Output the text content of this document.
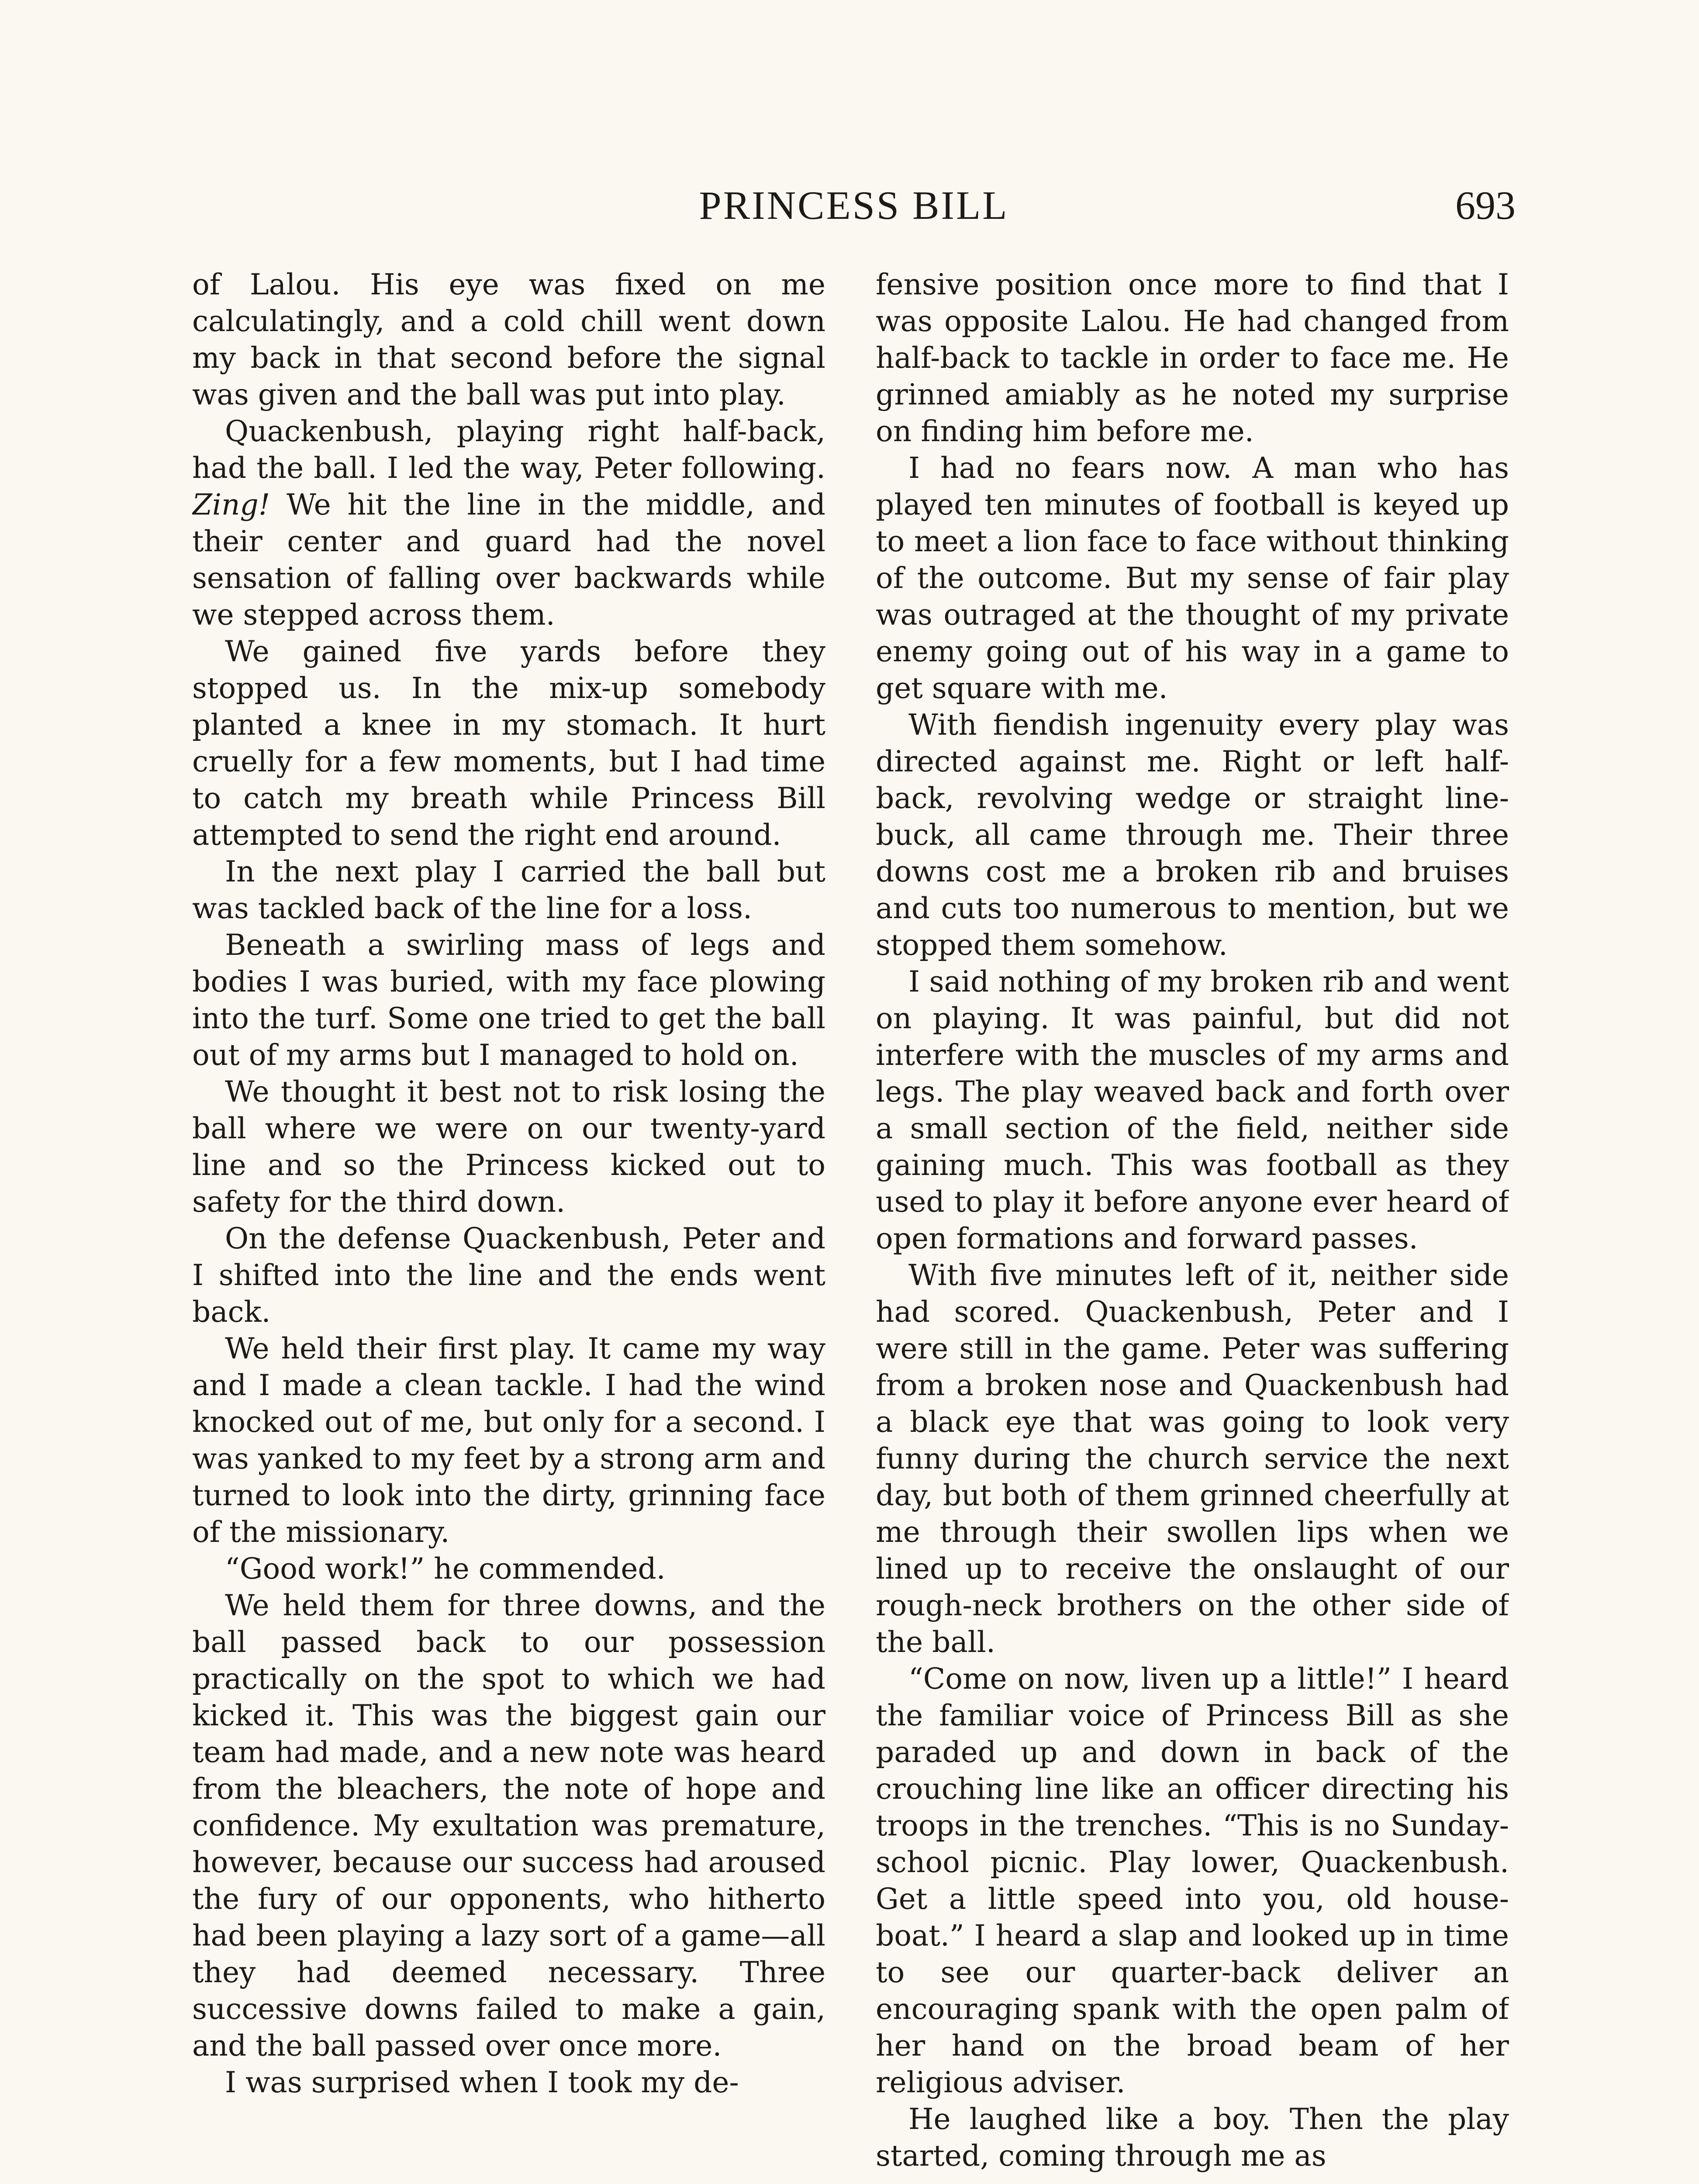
PRINCESS BILL	693

of Lalou. His eye was fixed on me calculatingly, and a cold chill went down my back in that second before the signal was given and the ball was put into play.

Quackenbush, playing right half-back, had the ball. I led the way, Peter following. Zing! We hit the line in the middle, and their center and guard had the novel sensation of falling over backwards while we stepped across them.

We gained five yards before they stopped us. In the mix-up somebody planted a knee in my stomach. It hurt cruelly for a few moments, but I had time to catch my breath while Princess Bill attempted to send the right end around.

In the next play I carried the ball but was tackled back of the line for a loss.

Beneath a swirling mass of legs and bodies I was buried, with my face plowing into the turf. Some one tried to get the ball out of my arms but I managed to hold on.

We thought it best not to risk losing the ball where we were on our twenty-yard line and so the Princess kicked out to safety for the third down.

On the defense Quackenbush, Peter and I shifted into the line and the ends went back.

We held their first play. It came my way and I made a clean tackle. I had the wind knocked out of me, but only for a second. I was yanked to my feet by a strong arm and turned to look into the dirty, grinning face of the missionary.

“Good work!” he commended.

We held them for three downs, and the ball passed back to our possession practically on the spot to which we had kicked it. This was the biggest gain our team had made, and a new note was heard from the bleachers, the note of hope and confidence. My exultation was premature, however, because our success had aroused the fury of our opponents, who hitherto had been playing a lazy sort of a game—all they had deemed necessary. Three successive downs failed to make a gain, and the ball passed over once more.

I was surprised when I took my de-

fensive position once more to find that I was opposite Lalou. He had changed from half-back to tackle in order to face me. He grinned amiably as he noted my surprise on finding him before me.

I had no fears now. A man who has played ten minutes of football is keyed up to meet a lion face to face without thinking of the outcome. But my sense of fair play was outraged at the thought of my private enemy going out of his way in a game to get square with me.

With fiendish ingenuity every play was directed against me. Right or left half-back, revolving wedge or straight line-buck, all came through me. Their three downs cost me a broken rib and bruises and cuts too numerous to mention, but we stopped them somehow.

I said nothing of my broken rib and went on playing. It was painful, but did not interfere with the muscles of my arms and legs. The play weaved back and forth over a small section of the field, neither side gaining much. This was football as they used to play it before anyone ever heard of open formations and forward passes.

With five minutes left of it, neither side had scored. Quackenbush, Peter and I were still in the game. Peter was suffering from a broken nose and Quackenbush had a black eye that was going to look very funny during the church service the next day, but both of them grinned cheerfully at me through their swollen lips when we lined up to receive the onslaught of our rough-neck brothers on the other side of the ball.

“Come on now, liven up a little!” I heard the familiar voice of Princess Bill as she paraded up and down in back of the crouching line like an officer directing his troops in the trenches. “This is no Sunday-school picnic. Play lower, Quackenbush. Get a little speed into you, old house-boat.” I heard a slap and looked up in time to see our quarter-back deliver an encouraging spank with the open palm of her hand on the broad beam of her religious adviser.

He laughed like a boy. Then the play started, coming through me as
